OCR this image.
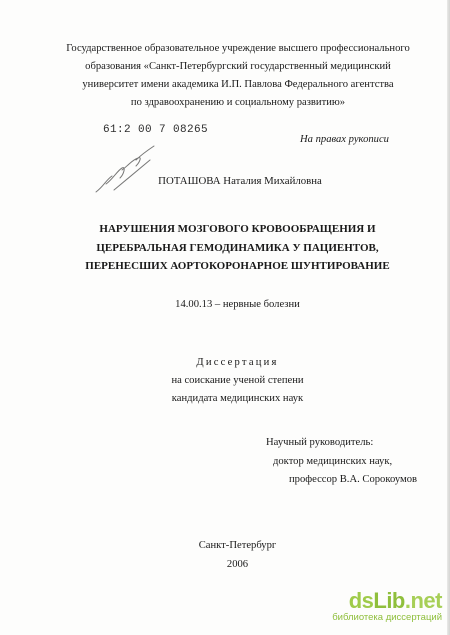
Государственное образовательное учреждение высшего профессионального
образования «Санкт-Петербургский государственный медицинский
университет имени академика И.П. Павлова Федерального агентства
по здравоохранению и социальному развитию»
61:2 00 7 08265
На правах рукописи
ПОТАШОВА Наталия Михайловна
НАРУШЕНИЯ МОЗГОВОГО КРОВООБРАЩЕНИЯ И
ЦЕРЕБРАЛЬНАЯ ГЕМОДИНАМИКА У ПАЦИЕНТОВ,
ПЕРЕНЕСШИХ АОРТОКОРОНАРНОЕ ШУНТИРОВАНИЕ
14.00.13 – нервные болезни
Диссертация
на соискание ученой степени
кандидата медицинских наук
Научный руководитель:
доктор медицинских наук,
профессор В.А. Сорокоумов
Санкт-Петербург
2006
dsLib.net
библиотека диссертаций
